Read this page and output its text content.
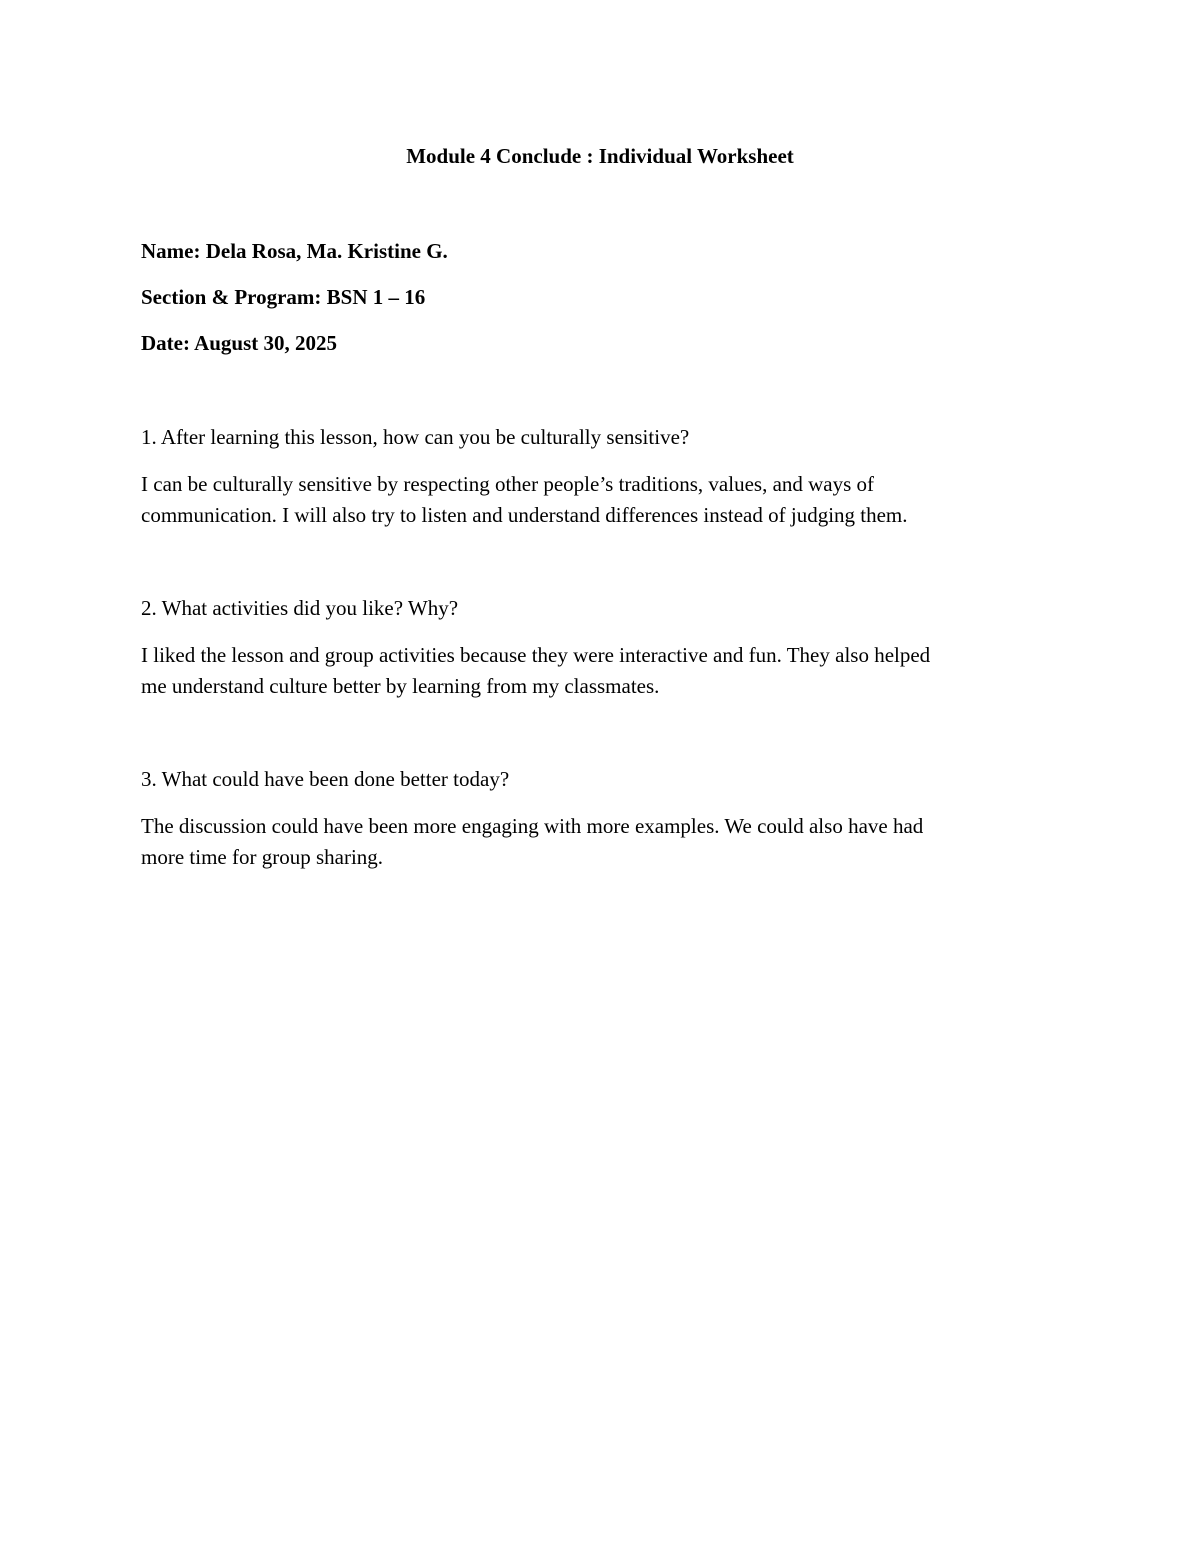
Module 4 Conclude : Individual Worksheet
Name: Dela Rosa, Ma. Kristine G.
Section & Program: BSN 1 – 16
Date: August 30, 2025
1. After learning this lesson, how can you be culturally sensitive?
I can be culturally sensitive by respecting other people’s traditions, values, and ways of
communication. I will also try to listen and understand differences instead of judging them.
2. What activities did you like? Why?
I liked the lesson and group activities because they were interactive and fun. They also helped
me understand culture better by learning from my classmates.
3. What could have been done better today?
The discussion could have been more engaging with more examples. We could also have had
more time for group sharing.
